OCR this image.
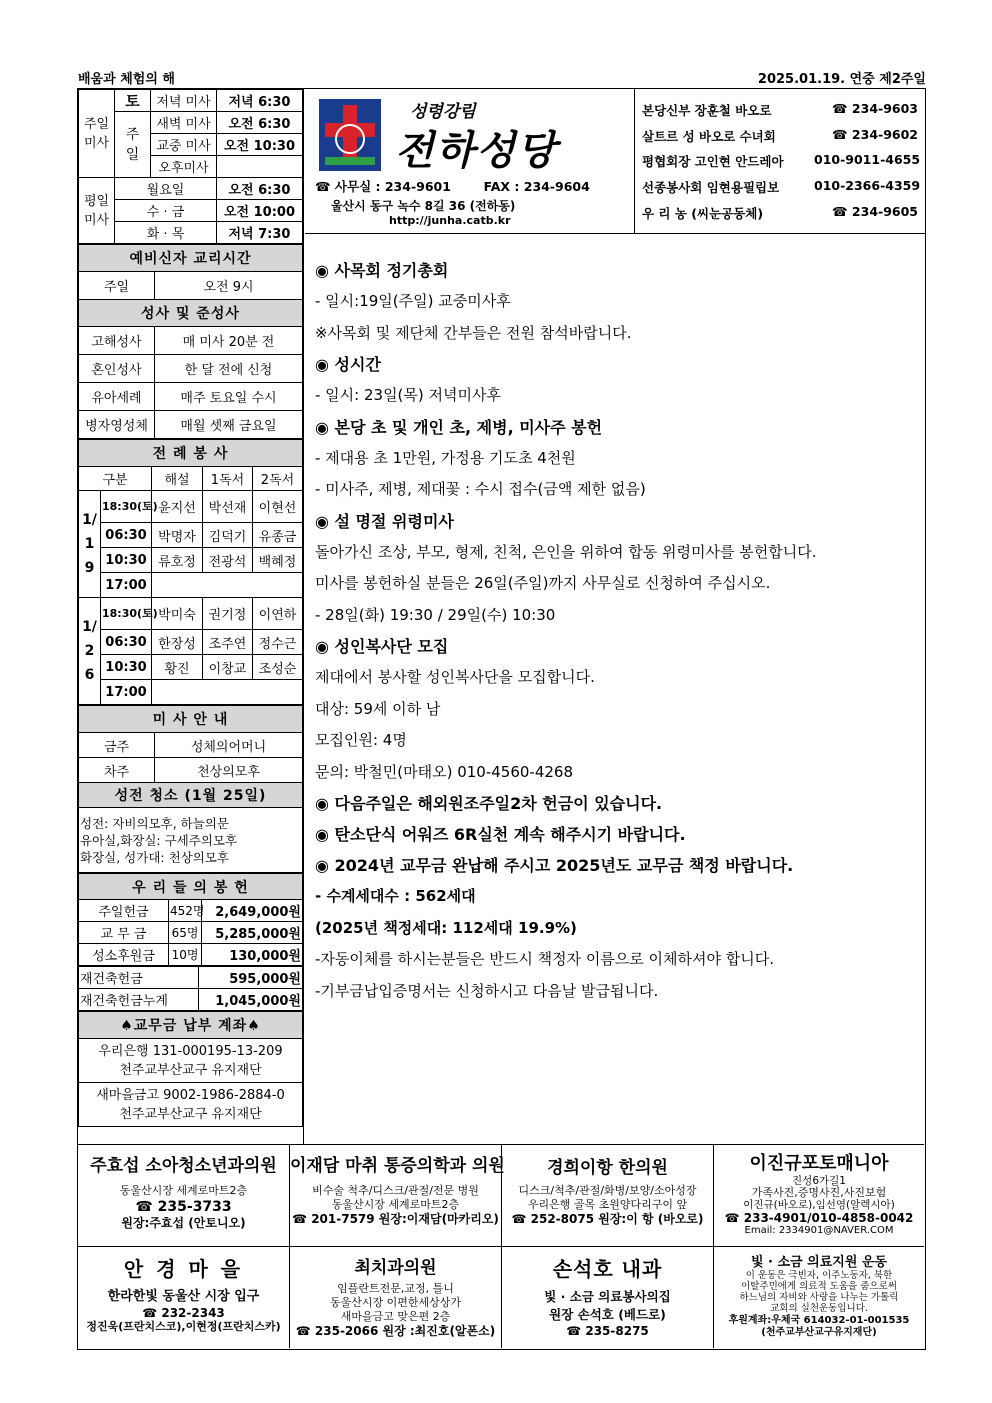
배움과 체험의 해	2025.01.19. 연중 제2주일
주일미사	토	저녁 미사	저녁 6:30
	주일	새벽 미사	오전 6:30
		교중 미사	오전 10:30
		오후미사	
평일미사	월요일		오전 6:30
	수 · 금		오전 10:00
	화 · 목		저녁 7:30
예비신자 교리시간	
주일	오전 9시
성사 및 준성사	
고해성사	매 미사 20분 전
혼인성사	한 달 전에 신청
유아세례	매주 토요일 수시
병자영성체	매월 셋째 금요일
전 례 봉 사				
구분		해설	1독서	2독서
1/19	18:30(토)	윤지선	박선재	이현선
	06:30	박명자	김덕기	유종금
	10:30	류호정	전광석	백혜정
	17:00			
1/26	18:30(토)	박미숙	권기정	이연하
	06:30	한장성	조주연	정수근
	10:30	황진	이창교	조성순
	17:00			
미 사 안 내	
금주	성체의어머니
차주	천상의모후
성전 청소 (1월 25일)	

성전: 자비의모후, 하늘의문
유아실,화장실: 구세주의모후
화장실, 성가대: 천상의모후	
우 리 들 의 봉 헌		
주일헌금	452명	2,649,000원
교 무 금	65명	5,285,000원
성소후원금	10명	130,000원
재건축헌금	595,000원
재건축헌금누계	1,045,000원
♠교무금 납부 계좌♠

우리은행 131-000195-13-209
천주교부산교구 유지재단

새마을금고 9002-1986-2884-0
천주교부산교구 유지재단
성령강림
전하성당
☎ 사무실 : 234-9601	FAX : 234-9604
울산시 동구 녹수 8길 36 (전하동)
http://junha.catb.kr
본당신부 장훈철 바오로	☎ 234-9603
살트르 성 바오로 수녀회	☎ 234-9602
평협회장 고인현 안드레아 010-9011-4655
선종봉사회 임현용필립보	010-2366-4359
우 리 농 (씨눈공동체)	☎ 234-9605
◉ 사목회 정기총회
- 일시:19일(주일) 교중미사후
※사목회 및 제단체 간부들은 전원 참석바랍니다.
◉ 성시간
- 일시: 23일(목) 저녁미사후
◉ 본당 초 및 개인 초, 제병, 미사주 봉헌
- 제대용 초 1만원, 가정용 기도초 4천원
- 미사주, 제병, 제대꽃 : 수시 접수(금액 제한 없음)
◉ 설 명절 위령미사
돌아가신 조상, 부모, 형제, 친척, 은인을 위하여 합동 위령미사를 봉헌합니다.
미사를 봉헌하실 분들은 26일(주일)까지 사무실로 신청하여 주십시오.
- 28일(화) 19:30 / 29일(수) 10:30
◉ 성인복사단 모집
제대에서 봉사할 성인복사단을 모집합니다.
대상: 59세 이하 남
모집인원: 4명
문의: 박철민(마태오) 010-4560-4268
◉ 다음주일은 해외원조주일2차 헌금이 있습니다.
◉ 탄소단식 어워즈 6R실천 계속 해주시기 바랍니다.
◉ 2024년 교무금 완납해 주시고 2025년도 교무금 책정 바랍니다.
- 수계세대수 : 562세대
(2025년 책정세대: 112세대 19.9%)
-자동이체를 하시는분들은 반드시 책정자 이름으로 이체하셔야 합니다.
-기부금납입증명서는 신청하시고 다음날 발급됩니다.
주효섭 소아청소년과의원
동울산시장 세계로마트2층
☎ 235-3733
원장:주효섭 (안토니오)
이재담 마취 통증의학과 의원
비수술 척추/디스크/관절/전문 병원
동울산시장 세계로마트2층
☎ 201-7579 원장:이재담(마카리오)
경희이항 한의원
디스크/척추/관절/화병/보양/소아성장
우리은행 골목 초원양다리구이 앞
☎ 252-8075 원장:이 항 (바오로)
이진규포토매니아
진성6가길1
가족사진,증명사진,사진보험
이진규(바오로),임선영(알렉시아)
☎ 233-4901/010-4858-0042
Email: 2334901@NAVER.COM
안 경 마 을
한라한빛 동울산 시장 입구
☎ 232-2343
정진욱(프란치스코),이현정(프란치스카)
최치과의원
임플란트전문,교정, 틀니
동울산시장 이편한세상상가
새마을금고 맞은편 2층
☎ 235-2066 원장 :최진호(알폰소)
손석호 내과
빛 · 소금 의료봉사의집
원장 손석호 (베드로)
☎ 235-8275
빛 · 소금 의료지원 운동
이 운동은 극빈자, 이주노동자, 북한
이탈주민에게 의료적 도움을 줌으로써
하느님의 자비와 사랑을 나누는 가톨릭
교회의 실천운동입니다.
후원계좌:우체국 614032-01-001535
(천주교부산교구유지재단)
